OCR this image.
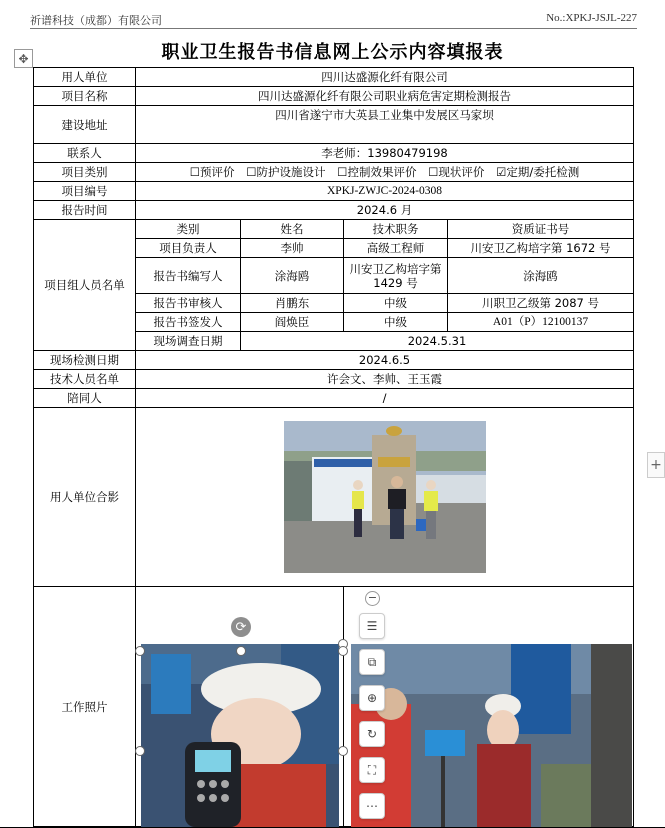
祈谱科技（成都）有限公司	No.:XPKJ-JSJL-227
✥	职业卫生报告书信息网上公示内容填报表
用人单位	四川达盛源化纤有限公司			
项目名称	四川达盛源化纤有限公司职业病危害定期检测报告			
建设地址	四川省遂宁市大英县工业集中发展区马家坝			
联系人	李老师：13980479198			
项目类别	☐预评价 ☐防护设施设计 ☐控制效果评价 ☐现状评价 ☑定期/委托检测			
项目编号	XPKJ-ZWJC-2024-0308			
报告时间	2024.6 月			
项目组人员名单	类别	姓名	技术职务	资质证书号
	项目负责人	李帅	高级工程师	川安卫乙构培字第 1672 号
	报告书编写人	涂海鸥	川安卫乙构培字第 1429 号	涂海鸥
	报告书审核人	肖鹏东	中级	川职卫乙级第 2087 号
	报告书签发人	阎焕臣	中级	A01（P）12100137
	现场调查日期	2024.5.31		
现场检测日期	2024.6.5			
技术人员名单	许会文、李帅、王玉霞			
陪同人	/			
用人单位合影	

工作照片	

⟳
−
☰
⧉
⊕
↻
⛶
⋯
+
